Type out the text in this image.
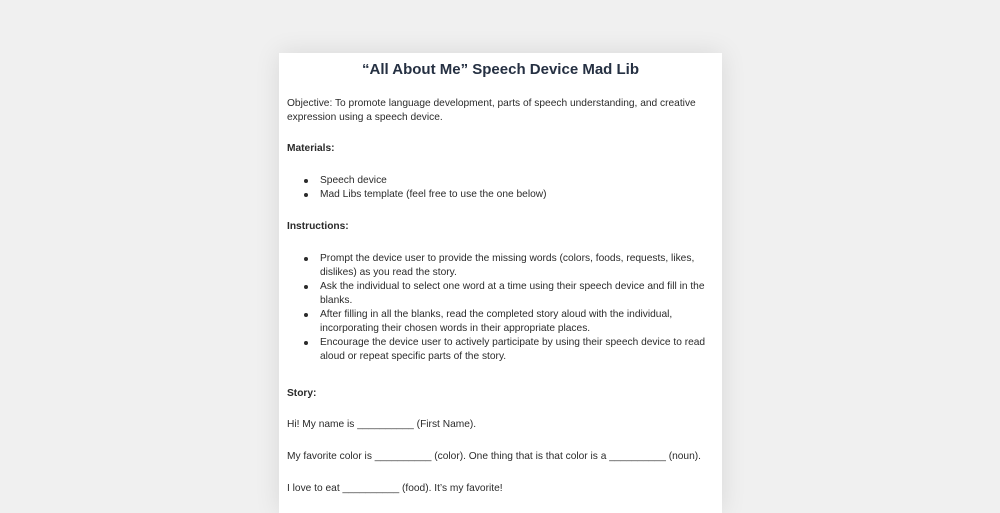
“All About Me” Speech Device Mad Lib
Objective: To promote language development, parts of speech understanding, and creative expression using a speech device.
Materials:
Speech device
Mad Libs template (feel free to use the one below)
Instructions:
Prompt the device user to provide the missing words (colors, foods, requests, likes, dislikes) as you read the story.
Ask the individual to select one word at a time using their speech device and fill in the blanks.
After filling in all the blanks, read the completed story aloud with the individual, incorporating their chosen words in their appropriate places.
Encourage the device user to actively participate by using their speech device to read aloud or repeat specific parts of the story.
Story:
Hi! My name is __________ (First Name).
My favorite color is __________ (color). One thing that is that color is a __________ (noun).
I love to eat __________ (food). It’s my favorite!
